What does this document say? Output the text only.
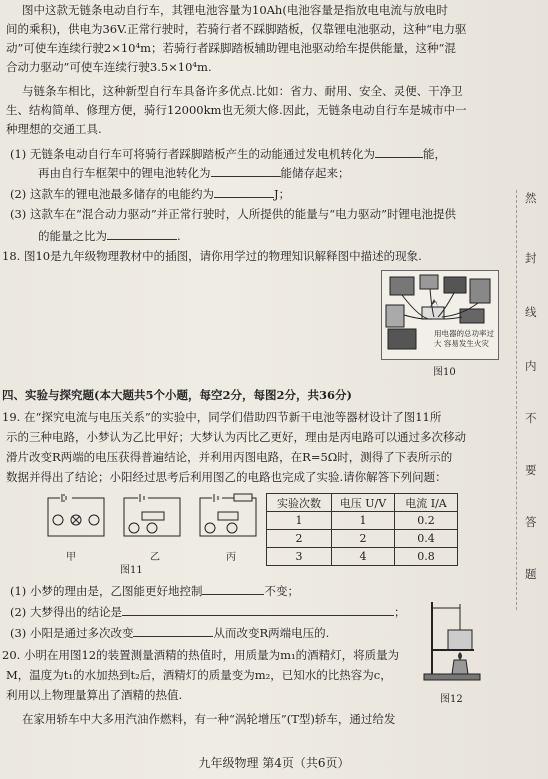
图中这款无链条电动自行车，其锂电池容量为10Ah(电池容量是指放电电流与放电时
间的乘积)，供电为36V.正常行驶时，若骑行者不踩脚踏板，仅靠锂电池驱动，这种“电力驱
动”可使车连续行驶2×10⁴m；若骑行者踩脚踏板辅助锂电池驱动给车提供能量，这种“混
合动力驱动”可使车连续行驶3.5×10⁴m.
与链条车相比，这种新型自行车具备许多优点.比如：省力、耐用、安全、灵便、干净卫
生、结构简单、修理方便，骑行12000km也无须大修.因此，无链条电动自行车是城市中一
种理想的交通工具.
(1) 无链条电动自行车可将骑行者踩脚踏板产生的动能通过发电机转化为	能，
再由自行车框架中的锂电池转化为	能储存起来；
(2) 这款车的锂电池最多储存的电能约为	J；
(3) 这款车在“混合动力驱动”并正常行驶时，人所提供的能量与“电力驱动”时锂电池提供
的能量之比为	.
18. 图10是九年级物理教材中的插图，请你用学过的物理知识解释图中描述的现象.
用电器的总功率过大 容易发生火灾
图10
四、实验与探究题(本大题共5个小题，每空2分，每图2分，共36分)
19. 在“探究电流与电压关系”的实验中，同学们借助四节新干电池等器材设计了图11所
示的三种电路，小梦认为乙比甲好；大梦认为丙比乙更好，理由是丙电路可以通过多次移动
滑片改变R两端的电压获得普遍结论，并利用丙图电路，在R=5Ω时，测得了下表所示的
数据并得出了结论；小阳经过思考后利用图乙的电路也完成了实验.请你解答下列问题：
甲	乙	丙
图11
实验次数	电压 U/V	电流 I/A
1	1	0.2
2	2	0.4
3	4	0.8
(1) 小梦的理由是，乙图能更好地控制	不变；
(2) 大梦得出的结论是	；
(3) 小阳是通过多次改变	从而改变R两端电压的.
20. 小明在用图12的装置测量酒精的热值时，用质量为m₁的酒精灯，将质量为
M，温度为t₁的水加热到t₂后，酒精灯的质量变为m₂，已知水的比热容为c，
利用以上物理量算出了酒精的热值.
在家用轿车中大多用汽油作燃料，有一种“涡轮增压”(T型)轿车，通过给发
图12
然
封
线
内
不
要
答
题
九年级物理 第4页（共6页）
